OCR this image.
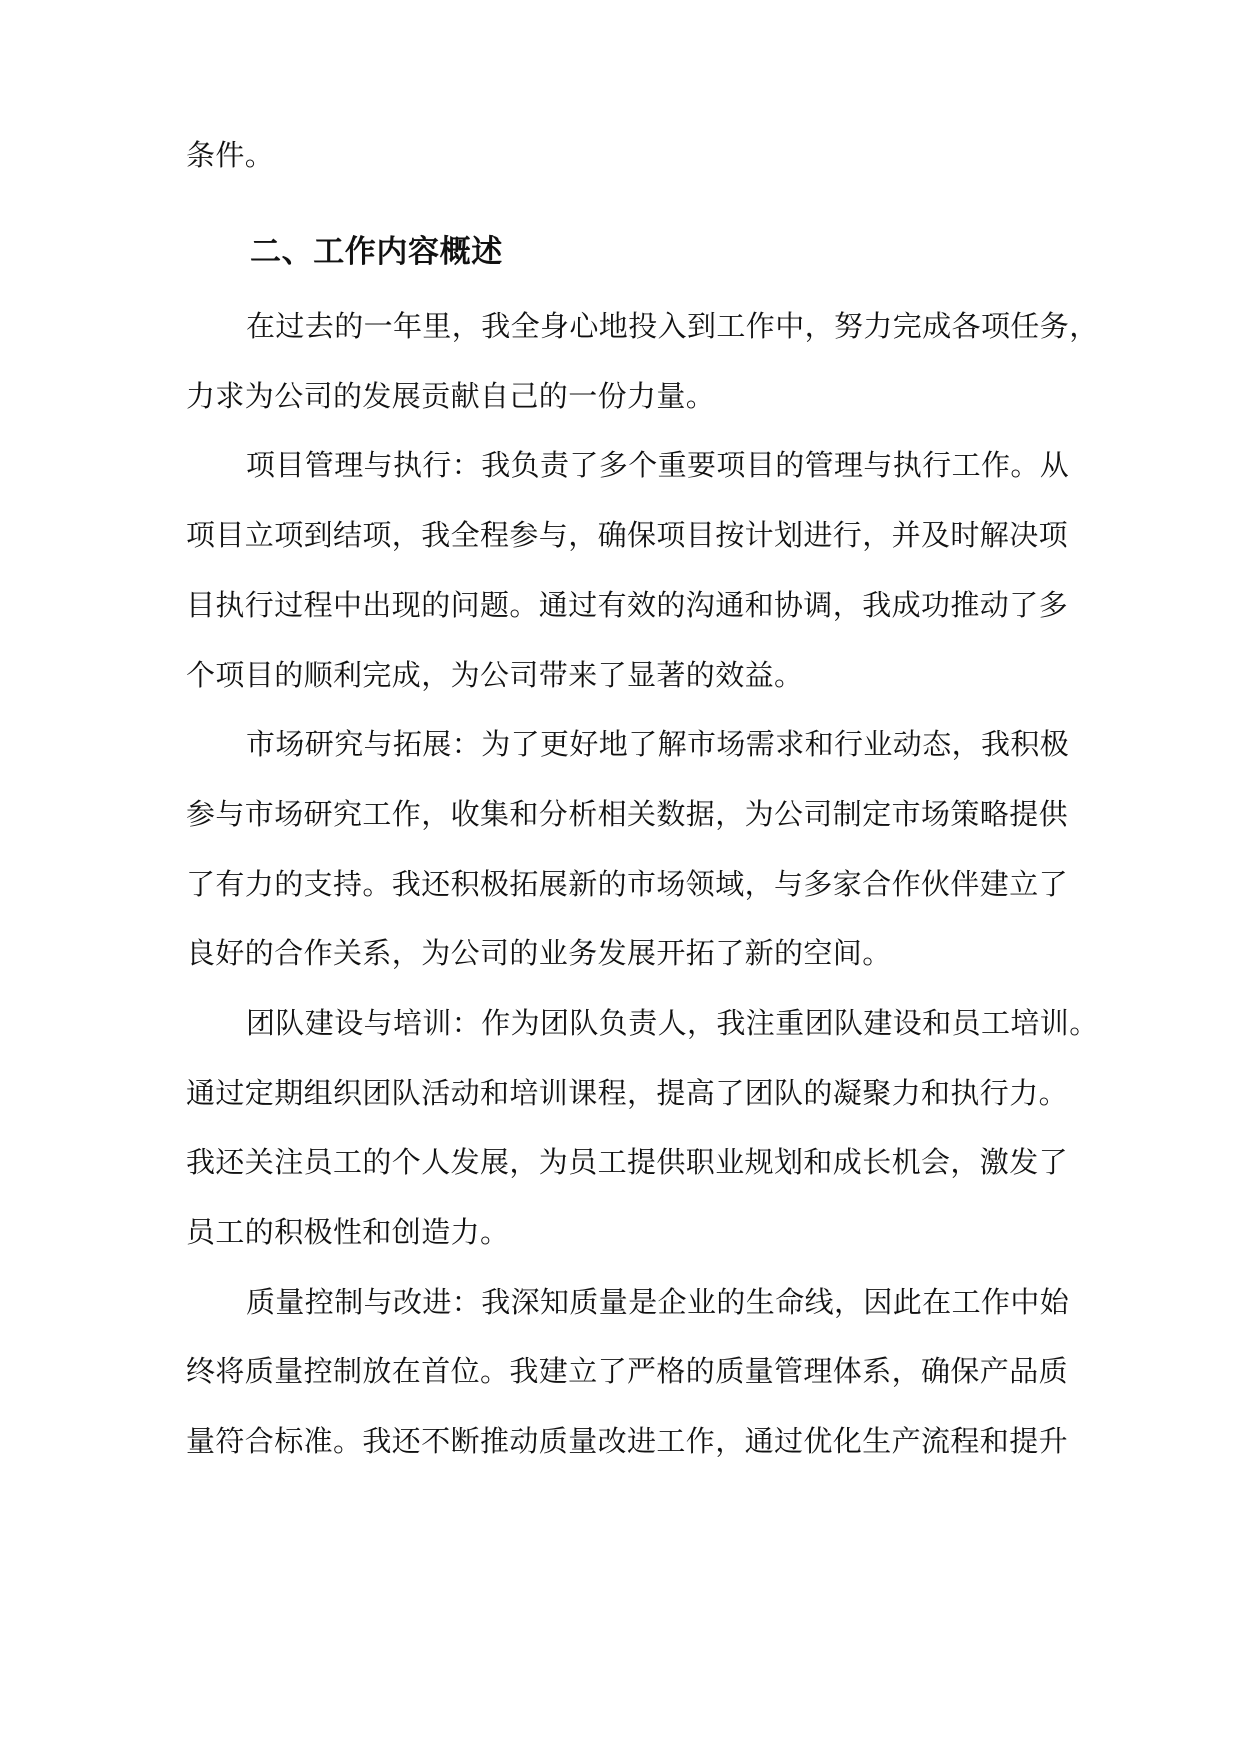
条件。
二、工作内容概述
在过去的一年里，我全身心地投入到工作中，努力完成各项任务，
力求为公司的发展贡献自己的一份力量。
项目管理与执行：我负责了多个重要项目的管理与执行工作。从
项目立项到结项，我全程参与，确保项目按计划进行，并及时解决项
目执行过程中出现的问题。通过有效的沟通和协调，我成功推动了多
个项目的顺利完成，为公司带来了显著的效益。
市场研究与拓展：为了更好地了解市场需求和行业动态，我积极
参与市场研究工作，收集和分析相关数据，为公司制定市场策略提供
了有力的支持。我还积极拓展新的市场领域，与多家合作伙伴建立了
良好的合作关系，为公司的业务发展开拓了新的空间。
团队建设与培训：作为团队负责人，我注重团队建设和员工培训。
通过定期组织团队活动和培训课程，提高了团队的凝聚力和执行力。
我还关注员工的个人发展，为员工提供职业规划和成长机会，激发了
员工的积极性和创造力。
质量控制与改进：我深知质量是企业的生命线，因此在工作中始
终将质量控制放在首位。我建立了严格的质量管理体系，确保产品质
量符合标准。我还不断推动质量改进工作，通过优化生产流程和提升
